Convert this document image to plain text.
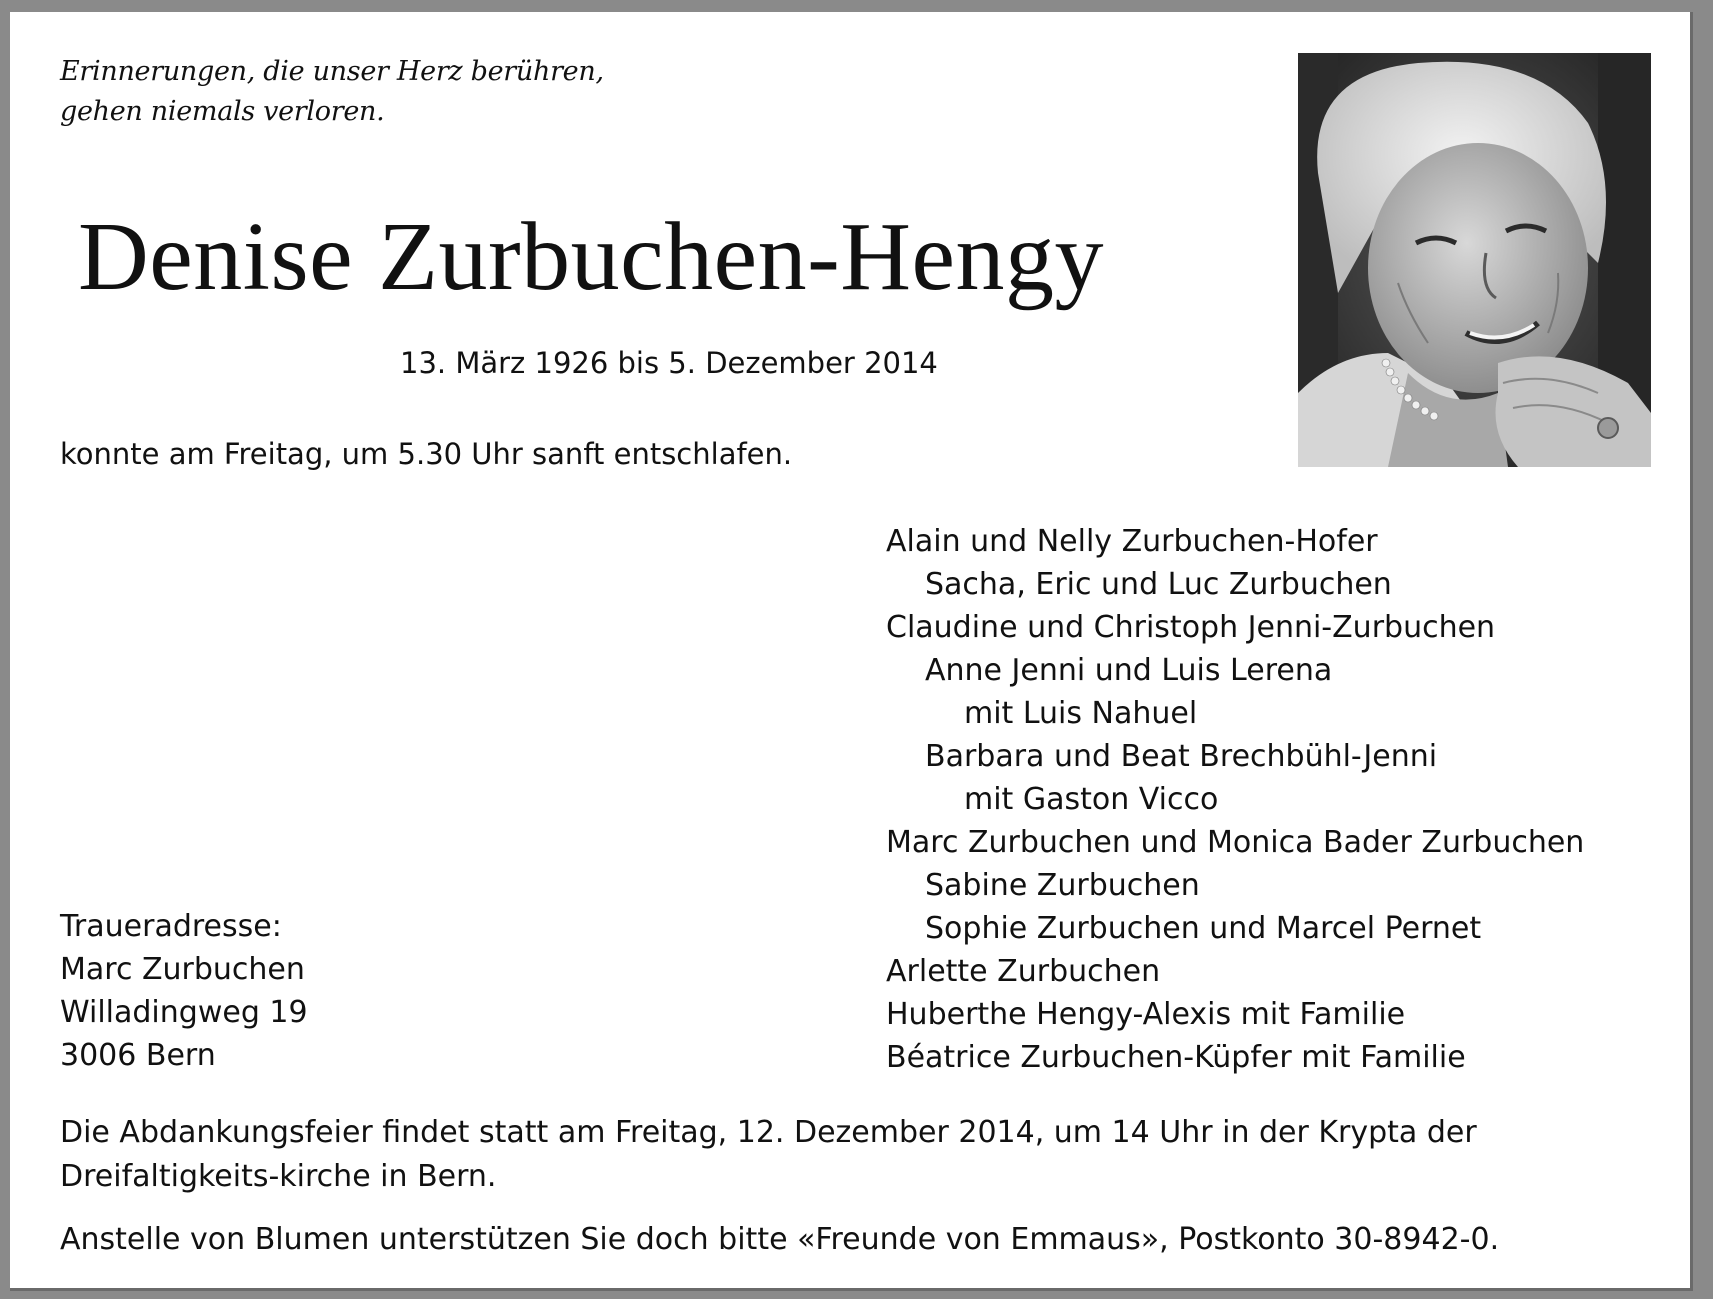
Erinnerungen, die unser Herz berühren,
gehen niemals verloren.
Denise Zurbuchen-Hengy
13. März 1926 bis 5. Dezember 2014
konnte am Freitag, um 5.30 Uhr sanft entschlafen.
Alain und Nelly Zurbuchen-Hofer
Sacha, Eric und Luc Zurbuchen
Claudine und Christoph Jenni-Zurbuchen
Anne Jenni und Luis Lerena
mit Luis Nahuel
Barbara und Beat Brechbühl-Jenni
mit Gaston Vicco
Marc Zurbuchen und Monica Bader Zurbuchen
Sabine Zurbuchen
Sophie Zurbuchen und Marcel Pernet
Arlette Zurbuchen
Huberthe Hengy-Alexis mit Familie
Béatrice Zurbuchen-Küpfer mit Familie
Traueradresse:
Marc Zurbuchen
Willadingweg 19
3006 Bern
Die Abdankungsfeier findet statt am Freitag, 12. Dezember 2014, um 14 Uhr in der Krypta der Dreifaltigkeits-kirche in Bern.
Anstelle von Blumen unterstützen Sie doch bitte «Freunde von Emmaus», Postkonto 30-8942-0.
